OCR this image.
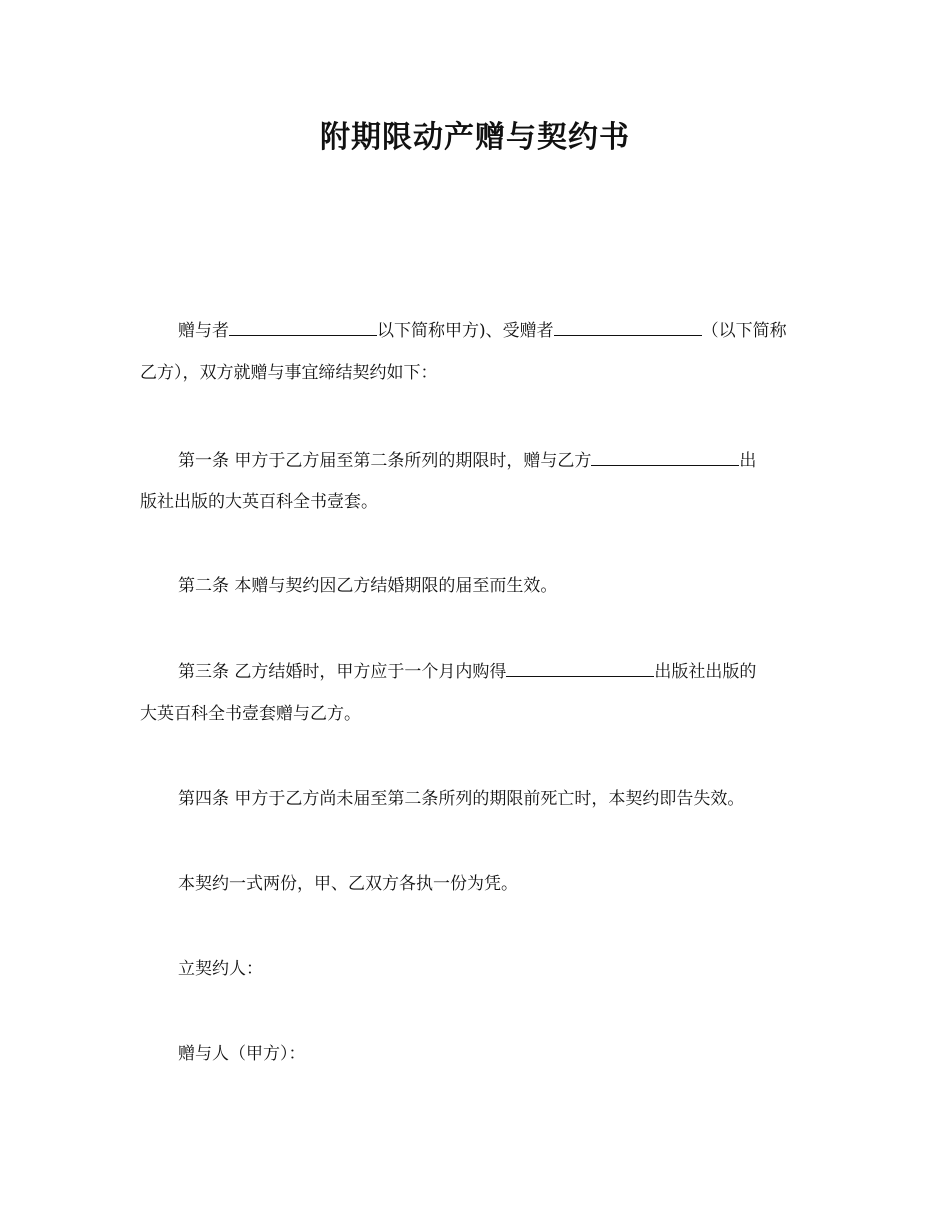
附期限动产赠与契约书
赠与者	以下简称甲方)、受赠者	（以下简称
乙方），双方就赠与事宜缔结契约如下：
第一条 甲方于乙方届至第二条所列的期限时，赠与乙方	出
版社出版的大英百科全书壹套。
第二条 本赠与契约因乙方结婚期限的届至而生效。
第三条 乙方结婚时，甲方应于一个月内购得	出版社出版的
大英百科全书壹套赠与乙方。
第四条 甲方于乙方尚未届至第二条所列的期限前死亡时，本契约即告失效。
本契约一式两份，甲、乙双方各执一份为凭。
立契约人：
赠与人（甲方）：
